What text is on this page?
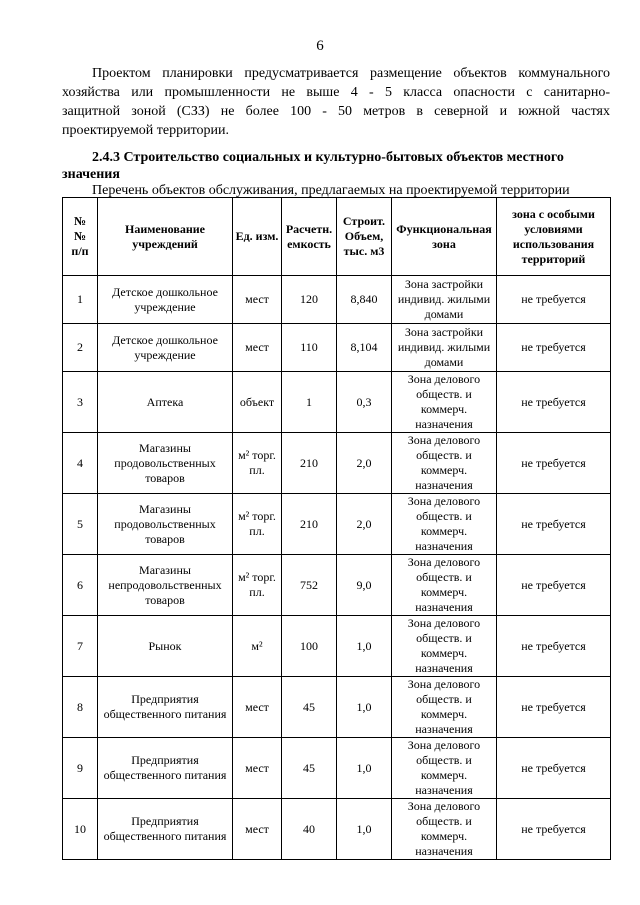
6
Проектом планировки предусматривается размещение объектов коммунального
хозяйства или промышленности не выше 4 - 5 класса опасности с санитарно-
защитной зоной (СЗЗ) не более 100 - 50 метров в северной и южной частях
проектируемой территории.
2.4.3 Строительство социальных и культурно-бытовых объектов местного значения
Перечень объектов обслуживания, предлагаемых на проектируемой территории
№
№
п/п	Наименование учреждений	Ед. изм.	Расчетн. емкость	Строит. Объем, тыс. м3	Функциональная зона	зона с особыми условиями использования территорий
1	Детское дошкольное учреждение	мест	120	8,840	Зона застройки индивид. жилыми домами	не требуется
2	Детское дошкольное учреждение	мест	110	8,104	Зона застройки индивид. жилыми домами	не требуется
3	Аптека	объект	1	0,3	Зона делового обществ. и коммерч. назначения	не требуется
4	Магазины продовольственных товаров	м² торг. пл.	210	2,0	Зона делового обществ. и коммерч. назначения	не требуется
5	Магазины продовольственных товаров	м² торг. пл.	210	2,0	Зона делового обществ. и коммерч. назначения	не требуется
6	Магазины непродовольственных товаров	м² торг. пл.	752	9,0	Зона делового обществ. и коммерч. назначения	не требуется
7	Рынок	м²	100	1,0	Зона делового обществ. и коммерч. назначения	не требуется
8	Предприятия общественного питания	мест	45	1,0	Зона делового обществ. и коммерч. назначения	не требуется
9	Предприятия общественного питания	мест	45	1,0	Зона делового обществ. и коммерч. назначения	не требуется
10	Предприятия общественного питания	мест	40	1,0	Зона делового обществ. и коммерч. назначения	не требуется
